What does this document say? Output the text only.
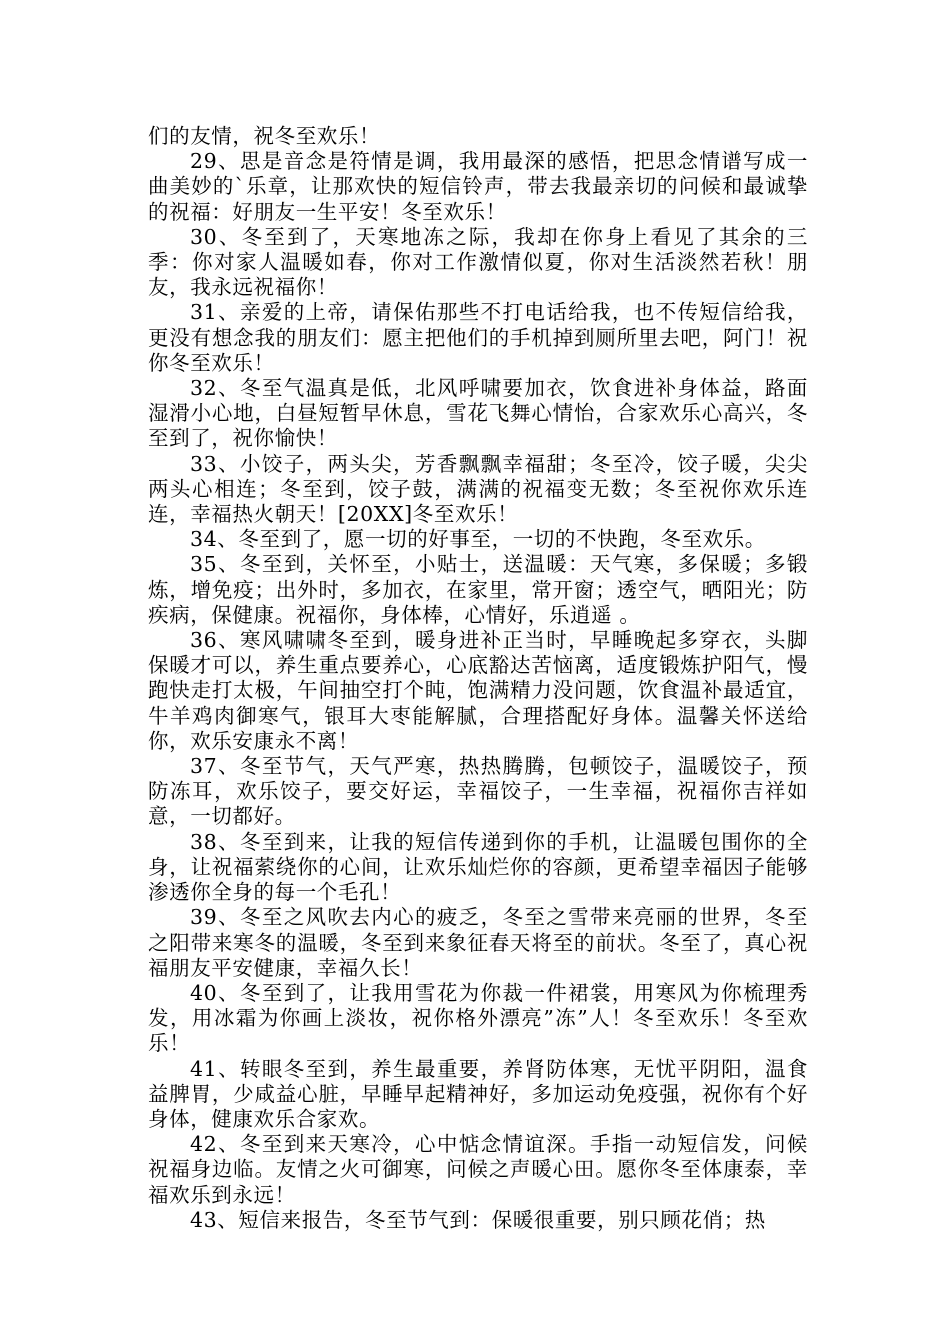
们的友情，祝冬至欢乐！

29、思是音念是符情是调，我用最深的感悟，把思念情谱写成一曲美妙的`乐章，让那欢快的短信铃声，带去我最亲切的问候和最诚挚的祝福：好朋友一生平安！冬至欢乐！

30、冬至到了，天寒地冻之际，我却在你身上看见了其余的三季：你对家人温暖如春，你对工作激情似夏，你对生活淡然若秋！朋友，我永远祝福你！

31、亲爱的上帝，请保佑那些不打电话给我，也不传短信给我，更没有想念我的朋友们：愿主把他们的手机掉到厕所里去吧，阿门！祝你冬至欢乐！

32、冬至气温真是低，北风呼啸要加衣，饮食进补身体益，路面湿滑小心地，白昼短暂早休息，雪花飞舞心情怡，合家欢乐心高兴，冬至到了，祝你愉快！

33、小饺子，两头尖，芳香飘飘幸福甜；冬至冷，饺子暖，尖尖两头心相连；冬至到，饺子鼓，满满的祝福变无数；冬至祝你欢乐连连，幸福热火朝天！[20XX]冬至欢乐！

34、冬至到了，愿一切的好事至，一切的不快跑，冬至欢乐。

35、冬至到，关怀至，小贴士，送温暖：天气寒，多保暖；多锻炼，增免疫；出外时，多加衣，在家里，常开窗；透空气，晒阳光；防疾病，保健康。祝福你，身体棒，心情好，乐逍遥 。

36、寒风啸啸冬至到，暖身进补正当时，早睡晚起多穿衣，头脚保暖才可以，养生重点要养心，心底豁达苦恼离，适度锻炼护阳气，慢跑快走打太极，午间抽空打个盹，饱满精力没问题，饮食温补最适宜，牛羊鸡肉御寒气，银耳大枣能解腻，合理搭配好身体。温馨关怀送给你，欢乐安康永不离！

37、冬至节气，天气严寒，热热腾腾，包顿饺子，温暖饺子，预防冻耳，欢乐饺子，要交好运，幸福饺子，一生幸福，祝福你吉祥如意，一切都好。

38、冬至到来，让我的短信传递到你的手机，让温暖包围你的全身，让祝福萦绕你的心间，让欢乐灿烂你的容颜，更希望幸福因子能够渗透你全身的每一个毛孔！

39、冬至之风吹去内心的疲乏，冬至之雪带来亮丽的世界，冬至之阳带来寒冬的温暖，冬至到来象征春天将至的前状。冬至了，真心祝福朋友平安健康，幸福久长！

40、冬至到了，让我用雪花为你裁一件裙裳，用寒风为你梳理秀发，用冰霜为你画上淡妆，祝你格外漂亮”冻”人！冬至欢乐！冬至欢乐！

41、转眼冬至到，养生最重要，养肾防体寒，无忧平阴阳，温食益脾胃，少咸益心脏，早睡早起精神好，多加运动免疫强，祝你有个好身体，健康欢乐合家欢。

42、冬至到来天寒冷，心中惦念情谊深。手指一动短信发，问候祝福身边临。友情之火可御寒，问候之声暖心田。愿你冬至体康泰，幸福欢乐到永远！

43、短信来报告，冬至节气到：保暖很重要，别只顾花俏；热
